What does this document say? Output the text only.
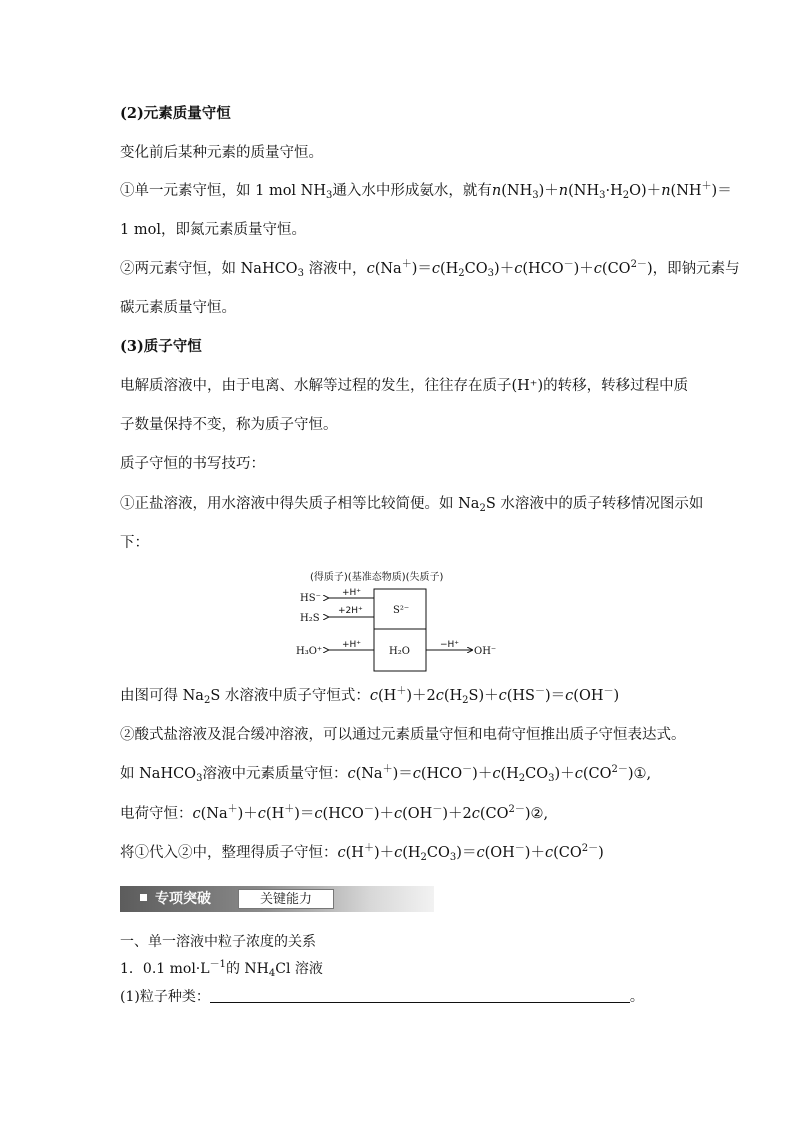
(2)元素质量守恒
变化前后某种元素的质量守恒。
①单一元素守恒，如 1 mol $NH_3$通入水中形成氨水，就有$n(NH_3)+n(NH_3\cdot H_2O)+n(NH^+)=$
1 mol，即氮元素质量守恒。
②两元素守恒，如 NaHCO$_3$ 溶液中，$c(Na^+)=c(H_2CO_3)+c(HCO^-)+c(CO^{2-})$，即钠元素与
碳元素质量守恒。
(3)质子守恒
电解质溶液中，由于电离、水解等过程的发生，往往存在质子(H⁺)的转移，转移过程中质
子数量保持不变，称为质子守恒。
质子守恒的书写技巧：
①正盐溶液，用水溶液中得失质子相等比较简便。如 $Na_2S$ 水溶液中的质子转移情况图示如
下：
(得质子)(基准态物质)(失质子)
S²⁻
H₂O
+H⁺
HS⁻
+2H⁺
H₂S
+H⁺
H₃O⁺
−H⁺
OH⁻
由图可得 $Na_2S$ 水溶液中质子守恒式：$c(H^+)+2c(H_2S)+c(HS^-)=c(OH^-)$
②酸式盐溶液及混合缓冲溶液，可以通过元素质量守恒和电荷守恒推出质子守恒表达式。
如 NaHCO$_3$溶液中元素质量守恒：$c(Na^+)=c(HCO^-)+c(H_2CO_3)+c(CO^{2-})①$,
电荷守恒：$c(Na^+)+c(H^+)=c(HCO^-)+c(OH^-)+2c(CO^{2-})②$,
将①代入②中，整理得质子守恒：$c(H^+)+c(H_2CO_3)=c(OH^-)+c(CO^{2-})$
专项突破	关键能力
一、单一溶液中粒子浓度的关系
1．0.1 $mol\cdot L^{-1}$的 $NH_4Cl$ 溶液
(1)粒子种类：	。
